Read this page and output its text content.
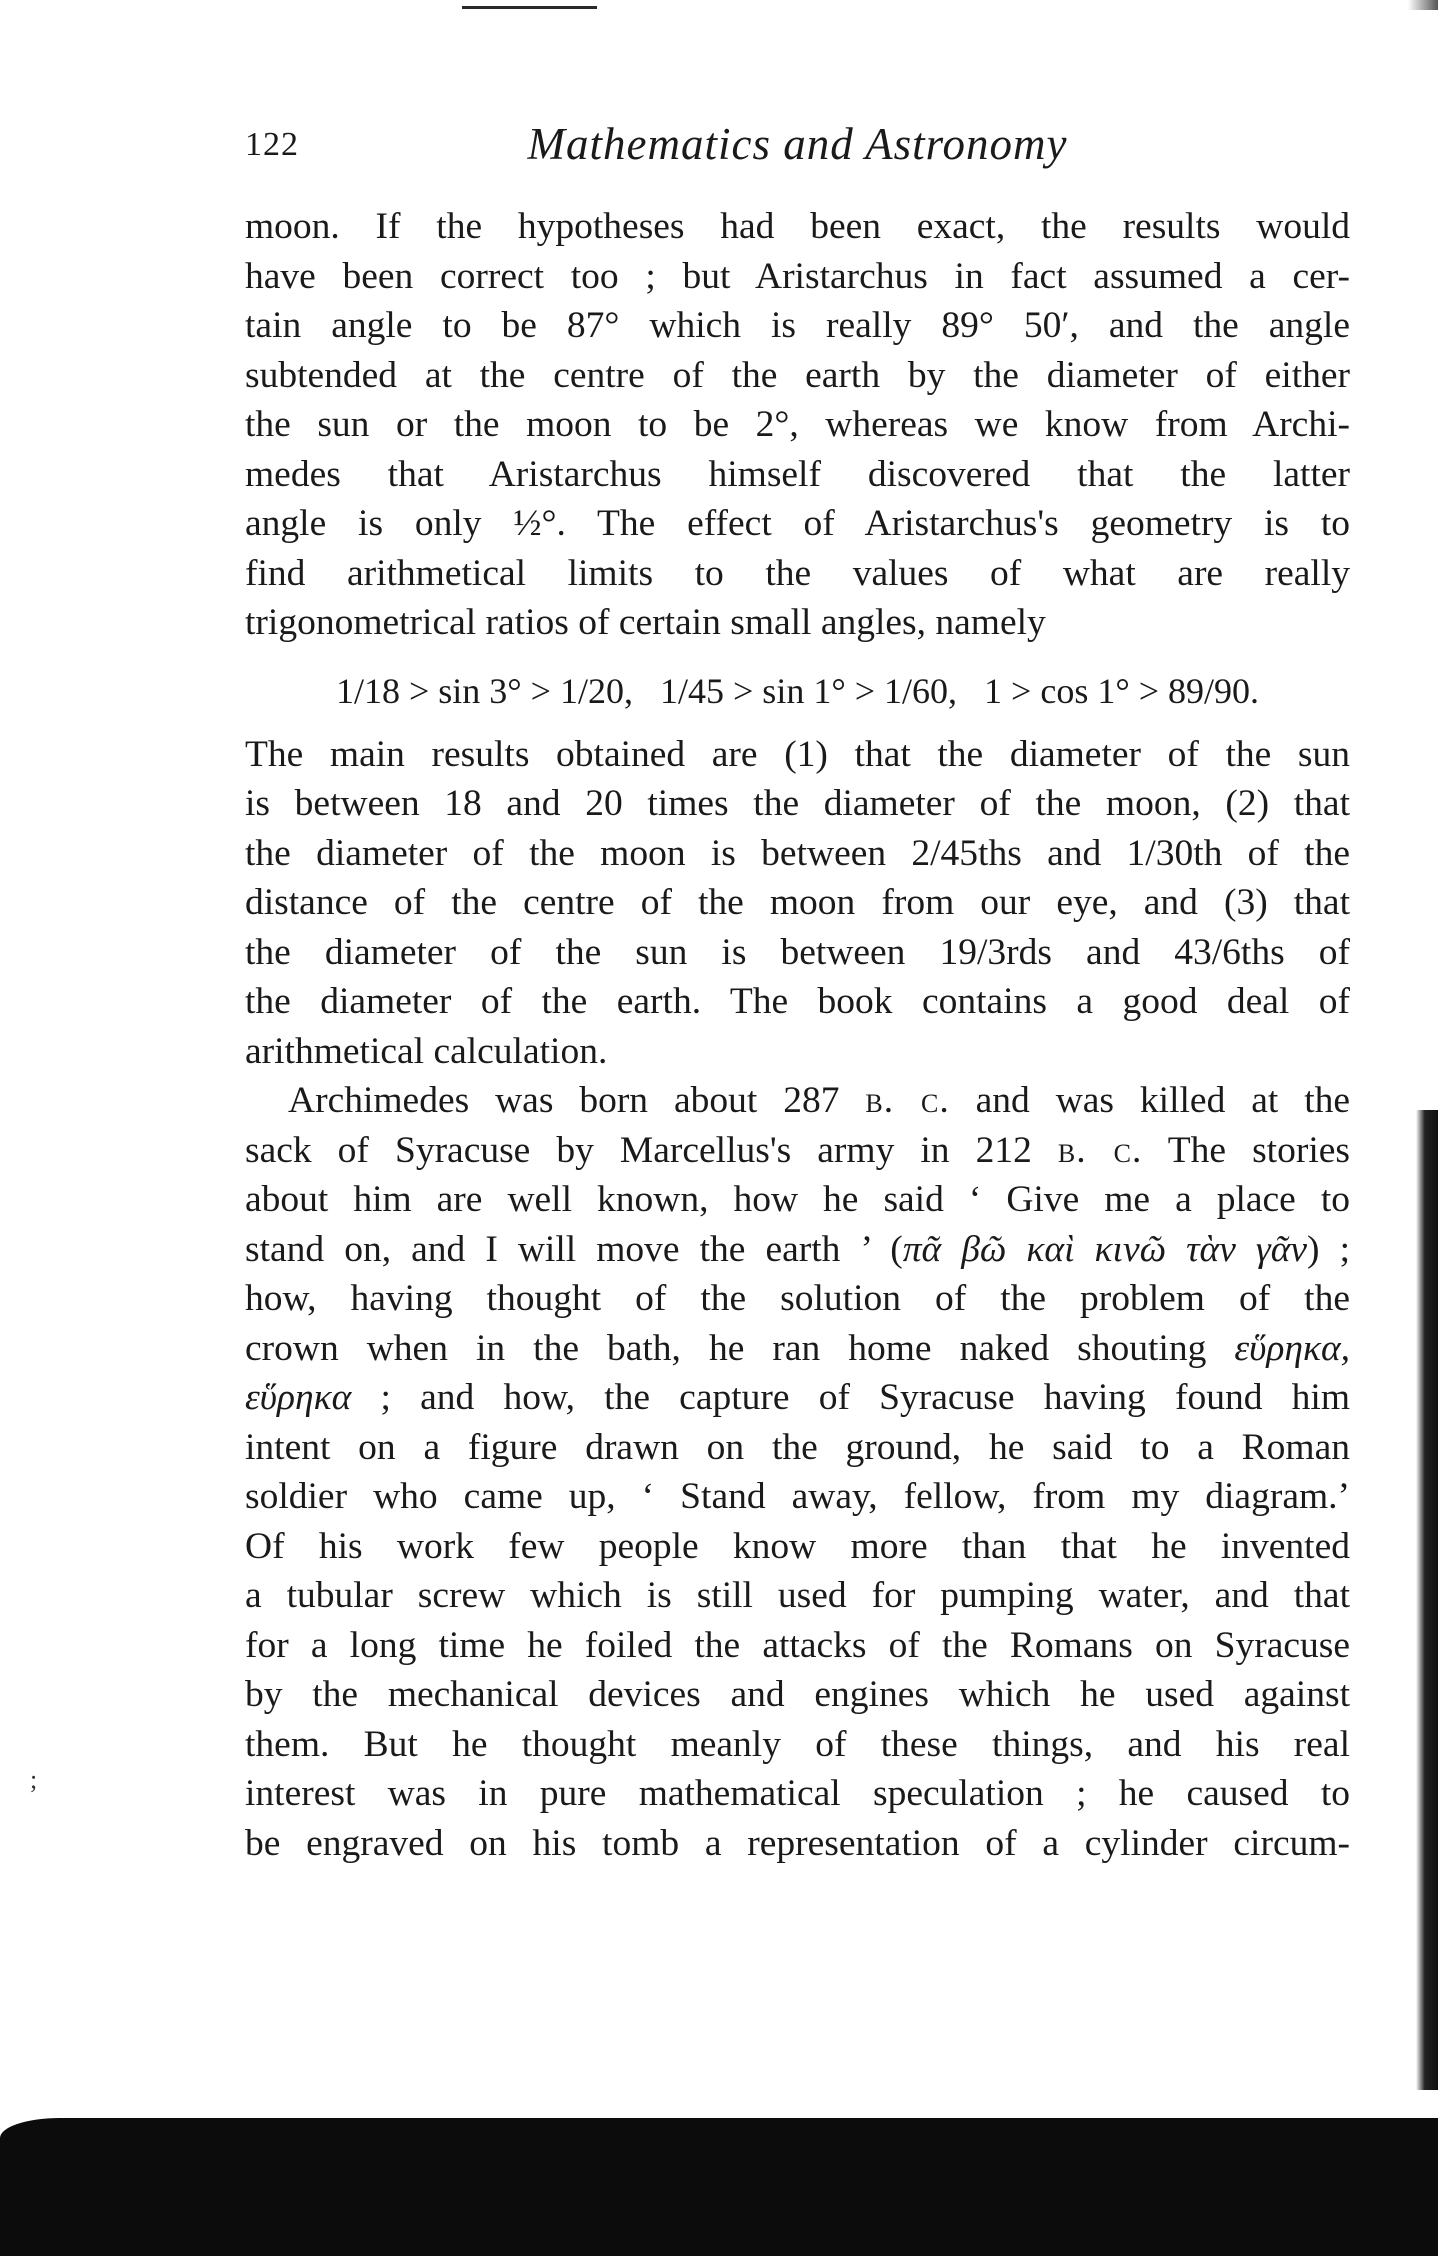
122	Mathematics and Astronomy
moon. If the hypotheses had been exact, the results would
have been correct too ; but Aristarchus in fact assumed a cer-
tain angle to be 87° which is really 89° 50′, and the angle
subtended at the centre of the earth by the diameter of either
the sun or the moon to be 2°, whereas we know from Archi-
medes that Aristarchus himself discovered that the latter
angle is only ½°. The effect of Aristarchus's geometry is to
find arithmetical limits to the values of what are really
trigonometrical ratios of certain small angles, namely
1/18 > sin 3° > 1/20, 1/45 > sin 1° > 1/60, 1 > cos 1° > 89/90.
The main results obtained are (1) that the diameter of the sun
is between 18 and 20 times the diameter of the moon, (2) that
the diameter of the moon is between 2/45ths and 1/30th of the
distance of the centre of the moon from our eye, and (3) that
the diameter of the sun is between 19/3rds and 43/6ths of
the diameter of the earth. The book contains a good deal of
arithmetical calculation.
Archimedes was born about 287 b. c. and was killed at the
sack of Syracuse by Marcellus's army in 212 b. c. The stories
about him are well known, how he said ‘ Give me a place to
stand on, and I will move the earth ’ (πᾶ βῶ καὶ κινῶ τὰν γᾶν) ;
how, having thought of the solution of the problem of the
crown when in the bath, he ran home naked shouting εὕρηκα,
εὕρηκα ; and how, the capture of Syracuse having found him
intent on a figure drawn on the ground, he said to a Roman
soldier who came up, ‘ Stand away, fellow, from my diagram.’
Of his work few people know more than that he invented
a tubular screw which is still used for pumping water, and that
for a long time he foiled the attacks of the Romans on Syracuse
by the mechanical devices and engines which he used against
them. But he thought meanly of these things, and his real
interest was in pure mathematical speculation ; he caused to
be engraved on his tomb a representation of a cylinder circum-
;
